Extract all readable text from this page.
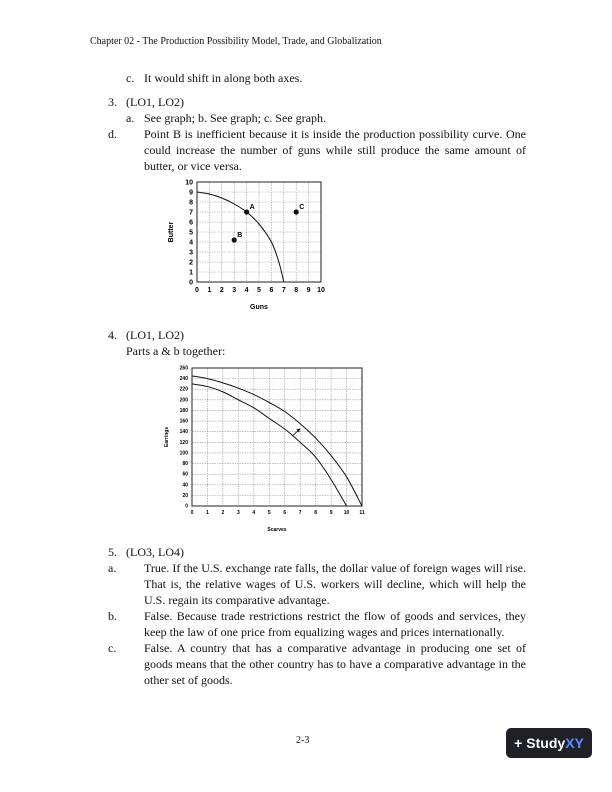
Chapter 02 - The Production Possibility Model, Trade, and Globalization
c. It would shift in along both axes.
3. (LO1, LO2)
a. See graph; b. See graph; c. See graph.
d. Point B is inefficient because it is inside the production possibility curve. One could increase the number of guns while still produce the same amount of butter, or vice versa.
0 1 2 3 4 5 6 7 8 9 10
0
1
2
3
4
5
6
7
8
9
10
Guns
Butter
A
B
C
4. (LO1, LO2)
Parts a & b together:
0	1	2	3	4	5	6	7	8	9 10 11
0
20
40
60
80
100
120
140
160
180
200
220
240
260
Scarves
Earrings
5. (LO3, LO4)
a. True. If the U.S. exchange rate falls, the dollar value of foreign wages will rise. That is, the relative wages of U.S. workers will decline, which will help the U.S. regain its comparative advantage.
b. False. Because trade restrictions restrict the flow of goods and services, they keep the law of one price from equalizing wages and prices internationally.
c. False. A country that has a comparative advantage in producing one set of goods means that the other country has to have a comparative advantage in the other set of goods.
2-3	+ StudyXY
